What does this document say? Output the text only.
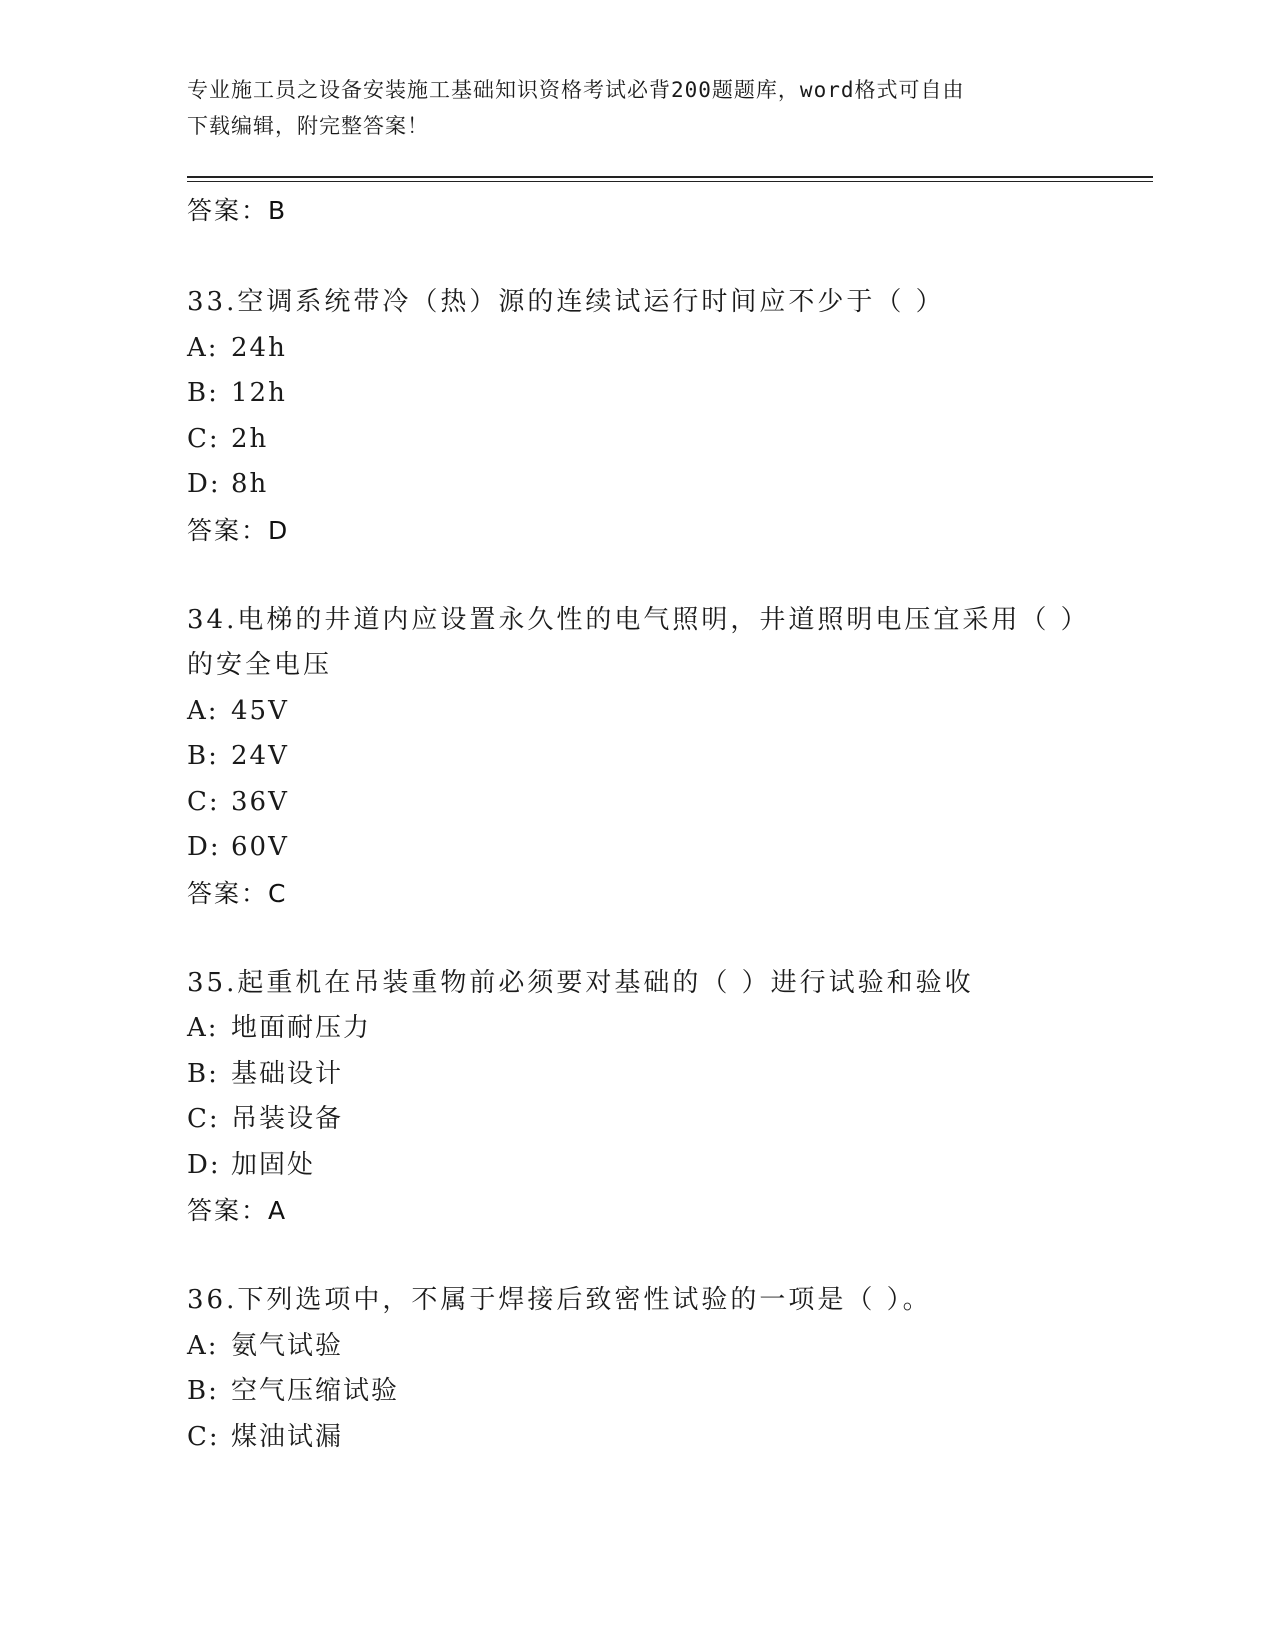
专业施工员之设备安装施工基础知识资格考试必背200题题库，word格式可自由
下载编辑，附完整答案！
答案：B
33.空调系统带冷（热）源的连续试运行时间应不少于（ ）
A: 24h
B: 12h
C: 2h
D: 8h
答案：D
34.电梯的井道内应设置永久性的电气照明，井道照明电压宜采用（ ）的安全电压
A: 45V
B: 24V
C: 36V
D: 60V
答案：C
35.起重机在吊装重物前必须要对基础的（ ）进行试验和验收
A: 地面耐压力
B: 基础设计
C: 吊装设备
D: 加固处
答案：A
36.下列选项中，不属于焊接后致密性试验的一项是（ ）。
A: 氨气试验
B: 空气压缩试验
C: 煤油试漏
